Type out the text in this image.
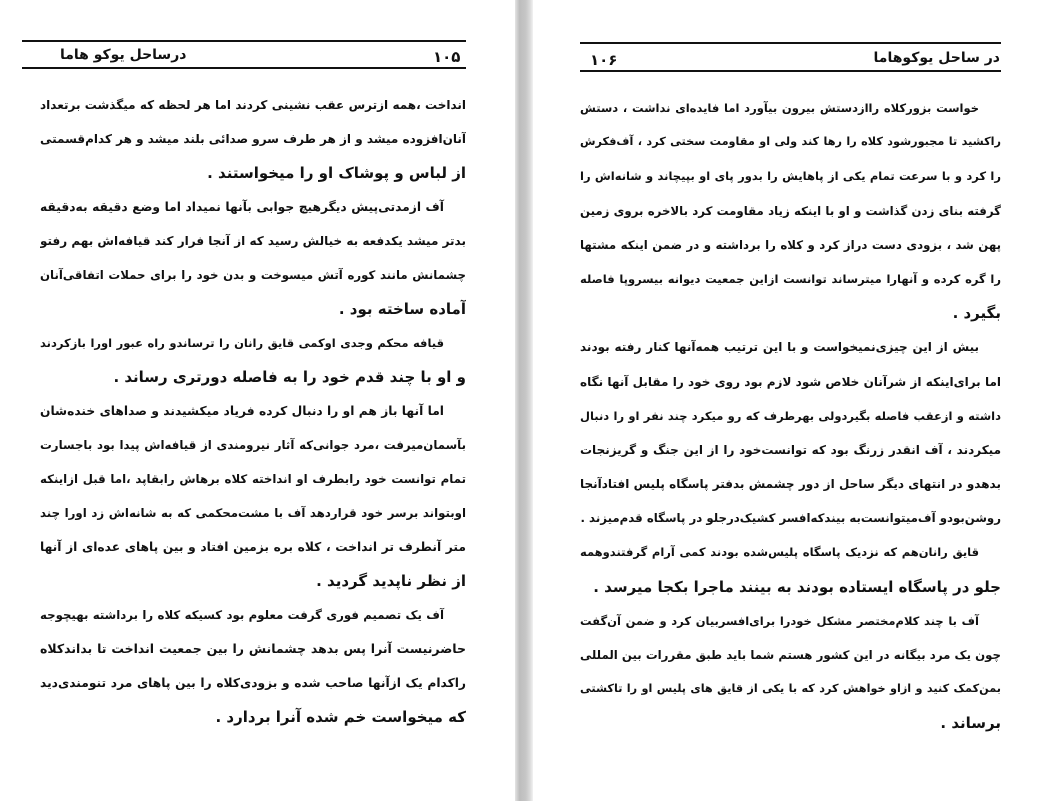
درساحل یوکو هاما	۱۰۵
انداخت ،همه ازترس عقب نشینی کردند اما هر لحظه که میگذشت برتعداد
آنان‌افزوده میشد و از هر طرف سرو صدائی بلند میشد و هر کدام‌قسمتی
از لباس و پوشاک او را میخواستند .
آف ازمدتی‌پیش دیگرهیچ جوابی بآنها نمیداد اما وضع دقیقه به‌دقیقه
بدتر میشد یکدفعه به خیالش رسید که از آنجا فرار کند قیافه‌اش بهم رفتو
چشمانش مانند کوره آتش میسوخت و بدن خود را برای حملات اتفاقی‌آنان
آماده ساخته بود .
قیافه محکم وجدی اوکمی قایق رانان را ترساندو راه عبور اورا بازکردند
و او با چند قدم خود را به فاصله دورتری رساند .
اما آنها باز هم او را دنبال کرده فریاد میکشیدند و صداهای خنده‌شان
بآسمان‌میرفت ،مرد جوانی‌که آثار نیرومندی از قیافه‌اش پیدا بود باجسارت
تمام توانست خود رابطرف او انداخته کلاه برهاش رابقاپد ،اما قبل ازاینکه
اوبتواند برسر خود قراردهد آف با مشت‌محکمی که به شانه‌اش زد اورا چند
متر آنطرف تر انداخت ، کلاه بره بزمین افتاد و بین پاهای عده‌ای از آنها
از نظر ناپدید گردید .
آف یک تصمیم فوری گرفت معلوم بود کسیکه کلاه را برداشته بهیچوجه
حاضرنیست آنرا پس بدهد چشمانش را بین جمعیت انداخت تا بداندکلاه
راکدام یک ازآنها صاحب شده و بزودی‌کلاه را بین پاهای مرد تنومندی‌دید
که میخواست خم شده آنرا بردارد .
در ساحل یوکوهاما
۱۰۶
خواست بزورکلاه راازدستش بیرون بیآورد اما فایده‌ای نداشت ، دستش
راکشید تا مجبورشود کلاه را رها کند ولی او مقاومت سختی کرد ، آف‌فکرش
را کرد و با سرعت تمام یکی از پاهایش را بدور پای او بپیچاند و شانه‌اش را
گرفته بنای زدن گذاشت و او با اینکه زیاد مقاومت کرد بالاخره بروی زمین
پهن شد ، بزودی دست دراز کرد و کلاه را برداشته و در ضمن اینکه مشتها
را گره کرده و آنهارا میترساند توانست ازاین جمعیت دیوانه بیسروپا فاصله
بگیرد .
بیش از این چیزی‌نمیخواست و با این ترتیب همه‌آنها کنار رفته بودند
اما برای‌اینکه از شرآنان خلاص شود لازم بود روی خود را مقابل آنها نگاه
داشته و ازعقب فاصله بگیردولی بهرطرف که رو میکرد چند نفر او را دنبال
میکردند ، آف انقدر زرنگ بود که توانست‌خود را از این جنگ و گریزنجات
بدهدو در انتهای دیگر ساحل از دور چشمش بدفتر پاسگاه پلیس افتادآنجا
روشن‌بودو آف‌میتوانست‌به بیندکه‌افسر کشیک‌درجلو در پاسگاه قدم‌میزند .
قایق رانان‌هم که نزدیک پاسگاه پلیس‌شده بودند کمی آرام گرفتندوهمه
جلو در پاسگاه ایستاده بودند به بینند ماجرا بکجا میرسد .
آف با چند کلام‌مختصر مشکل خودرا برای‌افسربیان کرد و ضمن آن‌گفت
چون یک مرد بیگانه در این کشور هستم شما باید طبق مقررات بین المللی
بمن‌کمک کنید و ازاو خواهش کرد که با یکی از قایق های پلیس او را تاکشتی
برساند .
